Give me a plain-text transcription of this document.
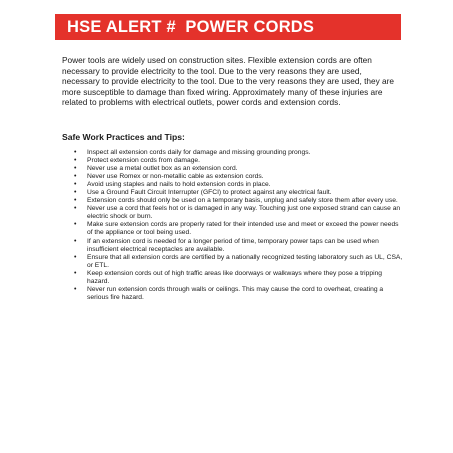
HSE ALERT #  POWER CORDS

Power tools are widely used on construction sites. Flexible extension cords are often necessary to provide electricity to the tool. Due to the very reasons they are used, necessary to provide electricity to the tool. Due to the very reasons they are used, they are more susceptible to damage than fixed wiring. Approximately many of these injuries are related to problems with electrical outlets, power cords and extension cords.

Safe Work Practices and Tips:
• Inspect all extension cords daily for damage and missing grounding prongs.
• Protect extension cords from damage.
• Never use a metal outlet box as an extension cord.
• Never use Romex or non-metallic cable as extension cords.
• Avoid using staples and nails to hold extension cords in place.
• Use a Ground Fault Circuit Interrupter (GFCI) to protect against any electrical fault.
• Extension cords should only be used on a temporary basis, unplug and safely store them after every use.
• Never use a cord that feels hot or is damaged in any way. Touching just one exposed strand can cause an electric shock or burn.
• Make sure extension cords are properly rated for their intended use and meet or exceed the power needs of the appliance or tool being used.
• If an extension cord is needed for a longer period of time, temporary power taps can be used when insufficient electrical receptacles are available.
• Ensure that all extension cords are certified by a nationally recognized testing laboratory such as UL, CSA, or ETL.
• Keep extension cords out of high traffic areas like doorways or walkways where they pose a tripping hazard.
• Never run extension cords through walls or ceilings. This may cause the cord to overheat, creating a serious fire hazard.
